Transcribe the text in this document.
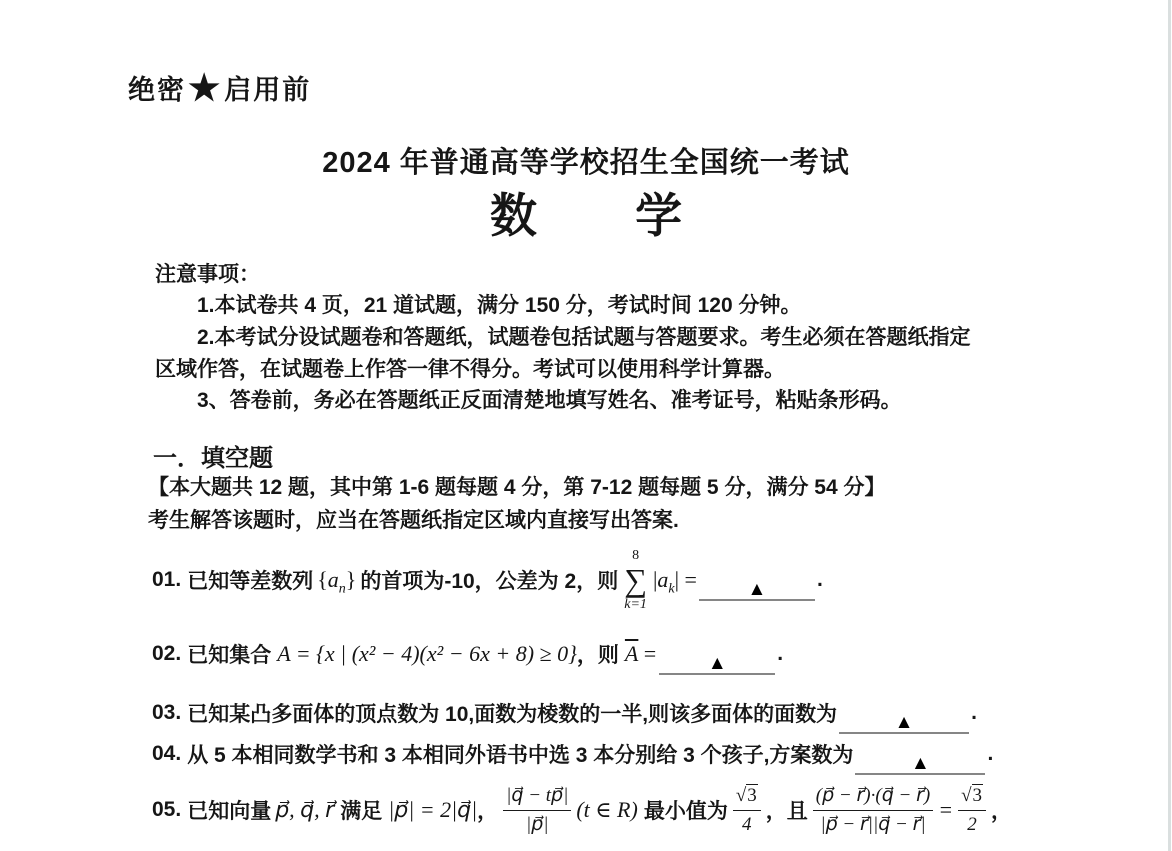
绝密 ★ 启用前
2024 年普通高等学校招生全国统一考试
数 学
注意事项：
1.本试卷共 4 页，21 道试题，满分 150 分，考试时间 120 分钟。
2.本考试分设试题卷和答题纸，试题卷包括试题与答题要求。考生必须在答题纸指定
区域作答，在试题卷上作答一律不得分。考试可以使用科学计算器。
3、答卷前，务必在答题纸正反面清楚地填写姓名、准考证号，粘贴条形码。
一．填空题
【本大题共 12 题，其中第 1-6 题每题 4 分，第 7-12 题每题 5 分，满分 54 分】
考生解答该题时，应当在答题纸指定区域内直接写出答案.
01. 已知等差数列 $\{a_n\}$ 的首项为-10，公差为 2，则
8
∑
k=1
$|a_k|$ =	▲ .
02. 已知集合 A = {x | (x² − 4)(x² − 6x + 8) ≥ 0} ，则 $\overline{A}$ =	▲ .
03. 已知某凸多面体的顶点数为 10,面数为棱数的一半,则该多面体的面数为	▲	.
04. 从 5 本相同数学书和 3 本相同外语书中选 3 本分别给 3 个孩子,方案数为	▲	.
05. 已知向量 p⃗, q⃗, r⃗ 满足 |p⃗| = 2|q⃗| ， $\frac{|q⃗ - tp⃗|}{|p⃗|} (t$ ∈ R) 最小值为 $\frac{√3}{4}$ ，且 $\frac{(p⃗ - r⃗)\cdot(q⃗ - r⃗)}{|p⃗ - r⃗||q⃗ - r⃗|} = \frac{√3}{2}$ ，
